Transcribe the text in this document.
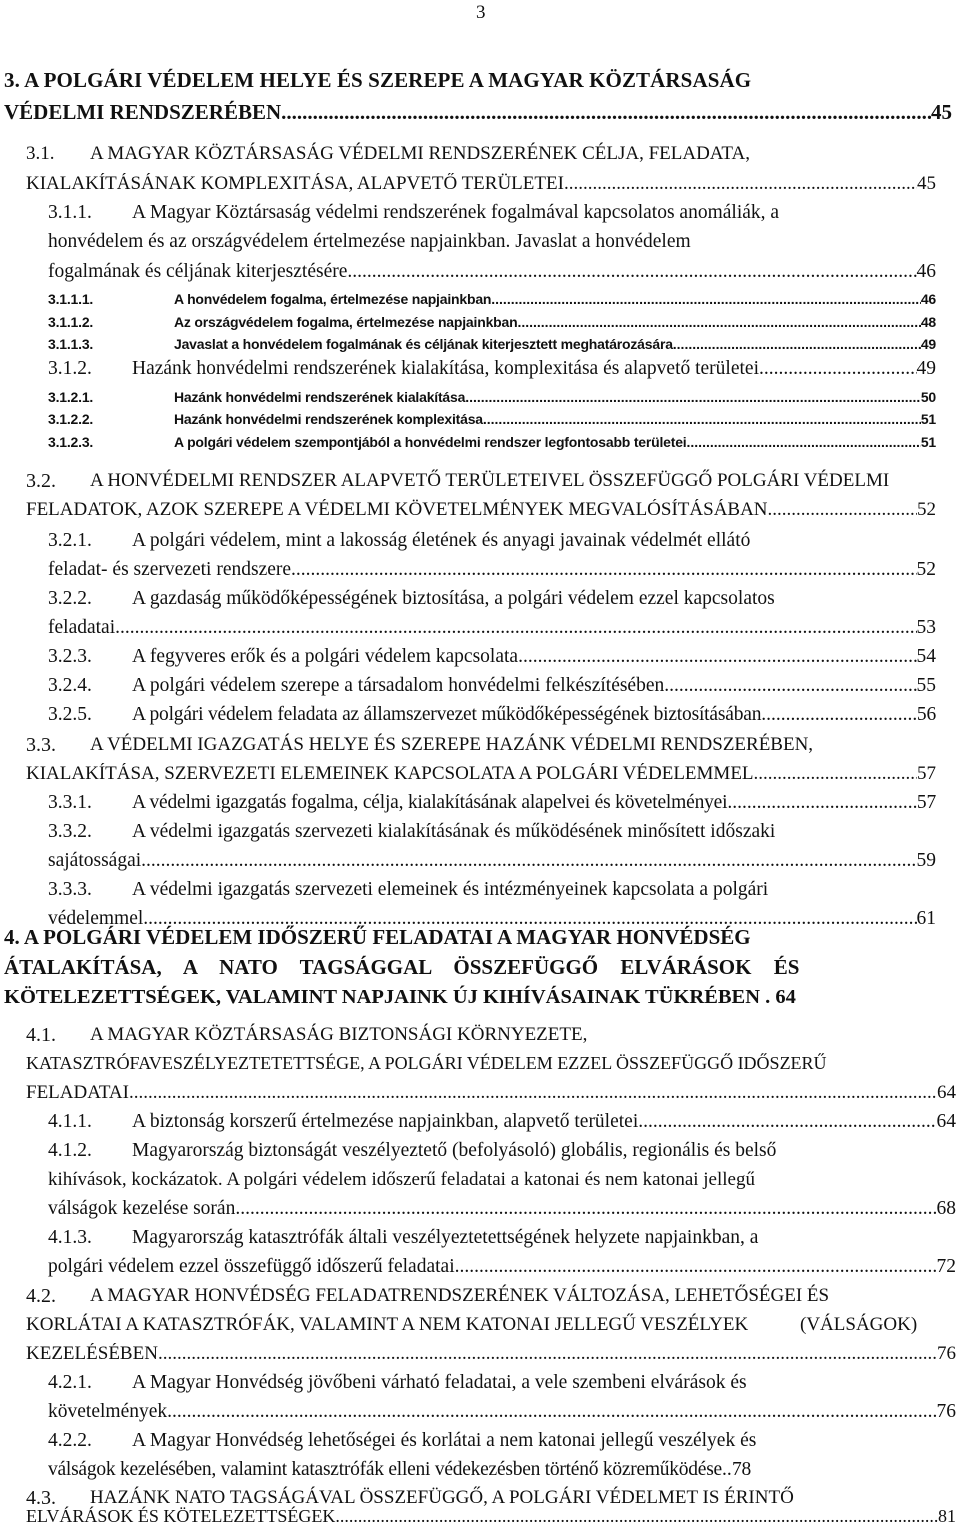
3
3. A POLGÁRI VÉDELEM HELYE ÉS SZEREPE A MAGYAR KÖZTÁRSASÁG
VÉDELMI RENDSZERÉBEN .....	45
3.1. A MAGYAR KÖZTÁRSASÁG VÉDELMI RENDSZERÉNEK CÉLJA, FELADATA,
KIALAKÍTÁSÁNAK KOMPLEXITÁSA, ALAPVETŐ TERÜLETEI .....	45
3.1.1. A Magyar Köztársaság védelmi rendszerének fogalmával kapcsolatos anomáliák, a
honvédelem és az országvédelem értelmezése napjainkban. Javaslat a honvédelem
fogalmának és céljának kiterjesztésére .....	46
3.1.1.1.	A honvédelem fogalma, értelmezése napjainkban .....	46
3.1.1.2.	Az országvédelem fogalma, értelmezése napjainkban .....	48
3.1.1.3.	Javaslat a honvédelem fogalmának és céljának kiterjesztett meghatározására .....	49
3.1.2. Hazánk honvédelmi rendszerének kialakítása, komplexitása és alapvető területei .....	49
3.1.2.1.	Hazánk honvédelmi rendszerének kialakítása .....	50
3.1.2.2.	Hazánk honvédelmi rendszerének komplexitása .....	51
3.1.2.3.	A polgári védelem szempontjából a honvédelmi rendszer legfontosabb területei .....	51
3.2. A HONVÉDELMI RENDSZER ALAPVETŐ TERÜLETEIVEL ÖSSZEFÜGGŐ POLGÁRI VÉDELMI
FELADATOK, AZOK SZEREPE A VÉDELMI KÖVETELMÉNYEK MEGVALÓSÍTÁSÁBAN .....	52
3.2.1. A polgári védelem, mint a lakosság életének és anyagi javainak védelmét ellátó
feladat- és szervezeti rendszere .....	52
3.2.2. A gazdaság működőképességének biztosítása, a polgári védelem ezzel kapcsolatos
feladatai .....	53
3.2.3. A fegyveres erők és a polgári védelem kapcsolata .....	54
3.2.4. A polgári védelem szerepe a társadalom honvédelmi felkészítésében .....	55
3.2.5. A polgári védelem feladata az államszervezet működőképességének biztosításában .....	56
3.3. A VÉDELMI IGAZGATÁS HELYE ÉS SZEREPE HAZÁNK VÉDELMI RENDSZERÉBEN,
KIALAKÍTÁSA, SZERVEZETI ELEMEINEK KAPCSOLATA A POLGÁRI VÉDELEMMEL .....	57
3.3.1. A védelmi igazgatás fogalma, célja, kialakításának alapelvei és követelményei .....	57
3.3.2. A védelmi igazgatás szervezeti kialakításának és működésének minősített időszaki
sajátosságai .....	59
3.3.3. A védelmi igazgatás szervezeti elemeinek és intézményeinek kapcsolata a polgári
védelemmel .....	61
4. A POLGÁRI VÉDELEM IDŐSZERŰ FELADATAI A MAGYAR HONVÉDSÉG
ÁTALAKÍTÁSA, A NATO TAGSÁGGAL ÖSSZEFÜGGŐ ELVÁRÁSOK ÉS
KÖTELEZETTSÉGEK, VALAMINT NAPJAINK ÚJ KIHÍVÁSAINAK TÜKRÉBEN . 64
4.1. A MAGYAR KÖZTÁRSASÁG BIZTONSÁGI KÖRNYEZETE,
KATASZTRÓFAVESZÉLYEZTETETTSÉGE, A POLGÁRI VÉDELEM EZZEL ÖSSZEFÜGGŐ IDŐSZERŰ
FELADATAI .....	64
4.1.1. A biztonság korszerű értelmezése napjainkban, alapvető területei .....	64
4.1.2. Magyarország biztonságát veszélyeztető (befolyásoló) globális, regionális és belső
kihívások, kockázatok. A polgári védelem időszerű feladatai a katonai és nem katonai jellegű
válságok kezelése során .....	68
4.1.3. Magyarország katasztrófák általi veszélyeztetettségének helyzete napjainkban, a
polgári védelem ezzel összefüggő időszerű feladatai .....	72
4.2. A MAGYAR HONVÉDSÉG FELADATRENDSZERÉNEK VÁLTOZÁSA, LEHETŐSÉGEI ÉS
KORLÁTAI A KATASZTRÓFÁK, VALAMINT A NEM KATONAI JELLEGŰ VESZÉLYEK	(VÁLSÁGOK)
KEZELÉSÉBEN .....	76
4.2.1. A Magyar Honvédség jövőbeni várható feladatai, a vele szembeni elvárások és
követelmények .....	76
4.2.2. A Magyar Honvédség lehetőségei és korlátai a nem katonai jellegű veszélyek és
válságok kezelésében, valamint katasztrófák elleni védekezésben történő közreműködése ..... 78
4.3. HAZÁNK NATO TAGSÁGÁVAL ÖSSZEFÜGGŐ, A POLGÁRI VÉDELMET IS ÉRINTŐ
ELVÁRÁSOK ÉS KÖTELEZETTSÉGEK .....	81
